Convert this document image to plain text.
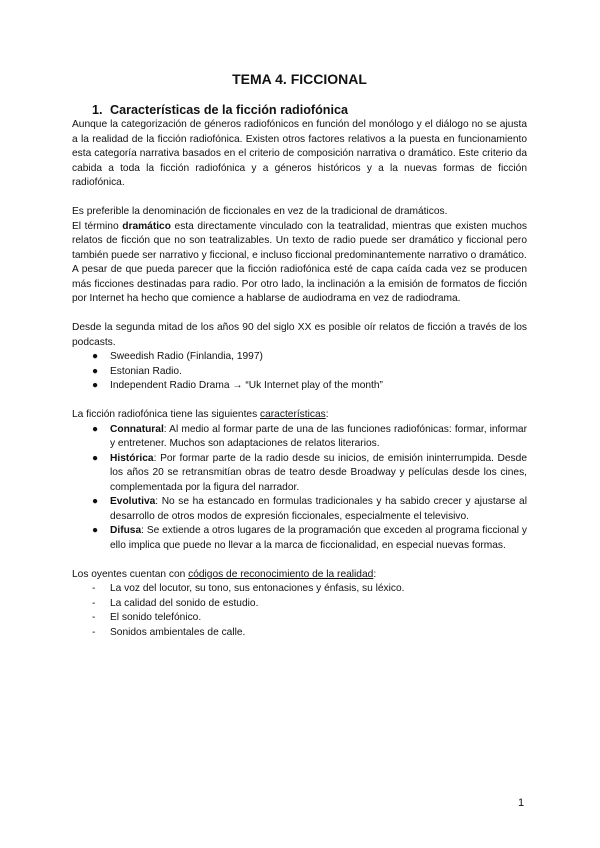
TEMA 4. FICCIONAL
1. Características de la ficción radiofónica

Aunque la categorización de géneros radiofónicos en función del monólogo y el diálogo no se ajusta a la realidad de la ficción radiofónica. Existen otros factores relativos a la puesta en funcionamiento esta categoría narrativa basados en el criterio de composición narrativa o dramático. Este criterio da cabida a toda la ficción radiofónica y a géneros históricos y a la nuevas formas de ficción radiofónica.

Es preferible la denominación de ficcionales en vez de la tradicional de dramáticos.

El término dramático esta directamente vinculado con la teatralidad, mientras que existen muchos relatos de ficción que no son teatralizables. Un texto de radio puede ser dramático y ficcional pero también puede ser narrativo y ficcional, e incluso ficcional predominantemente narrativo o dramático.

A pesar de que pueda parecer que la ficción radiofónica esté de capa caída cada vez se producen más ficciones destinadas para radio. Por otro lado, la inclinación a la emisión de formatos de ficción por Internet ha hecho que comience a hablarse de audiodrama en vez de radiodrama.

Desde la segunda mitad de los años 90 del siglo XX es posible oír relatos de ficción a través de los podcasts.

● Sweedish Radio (Finlandia, 1997)
● Estonian Radio.
● Independent Radio Drama → “Uk Internet play of the month”

La ficción radiofónica tiene las siguientes características:

● Connatural: Al medio al formar parte de una de las funciones radiofónicas: formar, informar y entretener. Muchos son adaptaciones de relatos literarios.
● Histórica: Por formar parte de la radio desde su inicios, de emisión ininterrumpida. Desde los años 20 se retransmitían obras de teatro desde Broadway y películas desde los cines, complementada por la figura del narrador.
● Evolutiva: No se ha estancado en formulas tradicionales y ha sabido crecer y ajustarse al desarrollo de otros modos de expresión ficcionales, especialmente el televisivo.
● Difusa: Se extiende a otros lugares de la programación que exceden al programa ficcional y ello implica que puede no llevar a la marca de ficcionalidad, en especial nuevas formas.

Los oyentes cuentan con códigos de reconocimiento de la realidad:

- La voz del locutor, su tono, sus entonaciones y énfasis, su léxico.
- La calidad del sonido de estudio.
- El sonido telefónico.
- Sonidos ambientales de calle.
1
